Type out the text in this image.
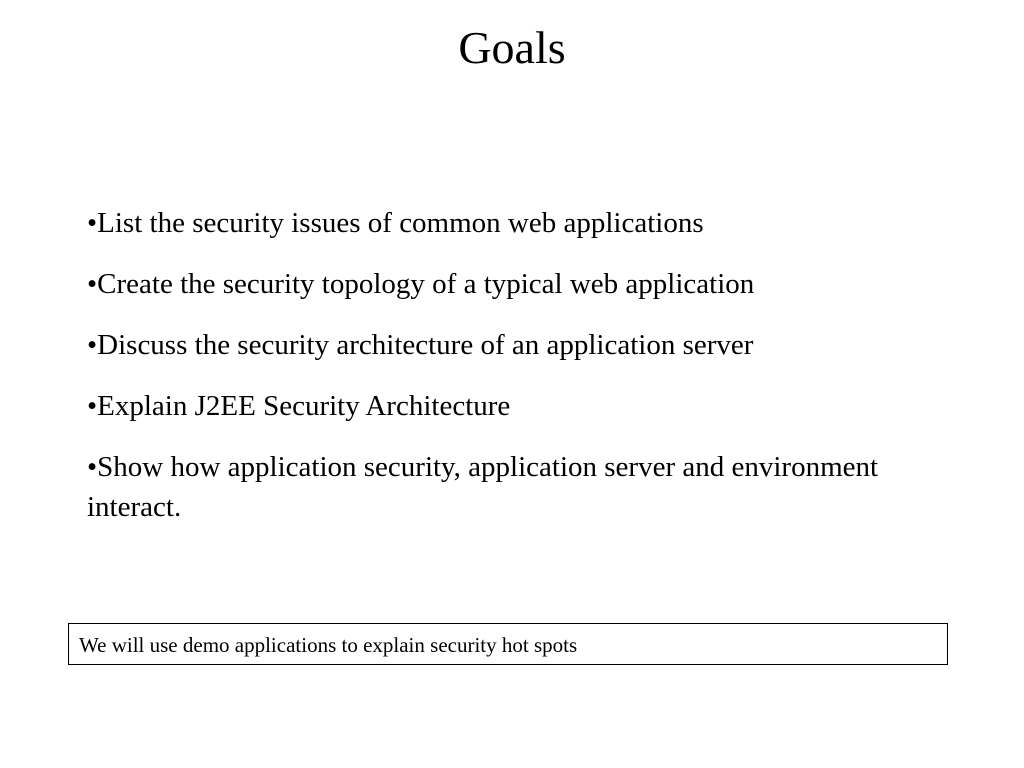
Goals
•List the security issues of common web applications
•Create the security topology of a typical web application
•Discuss the security architecture of an application server
•Explain J2EE Security Architecture
•Show how application security, application server and environment interact.
We will use demo applications to explain security hot spots
